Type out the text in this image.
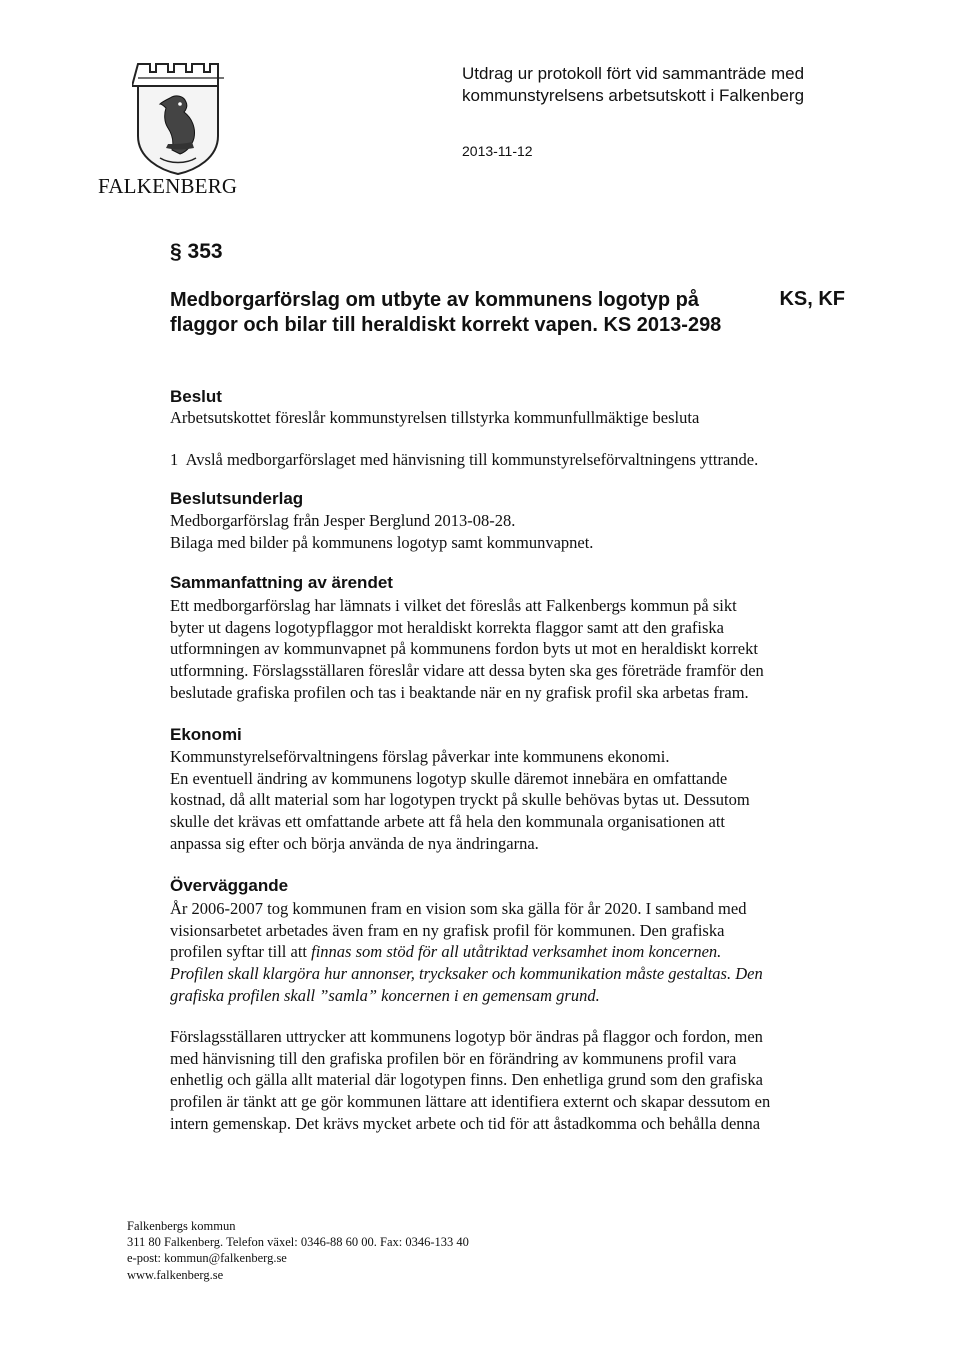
FALKENBERG
Utdrag ur protokoll fört vid sammanträde med
kommunstyrelsens arbetsutskott i Falkenberg
2013-11-12
§ 353
Medborgarförslag om utbyte av kommunens logotyp på flaggor och bilar till heraldiskt korrekt vapen. KS 2013-298
KS, KF
Beslut
Arbetsutskottet föreslår kommunstyrelsen tillstyrka kommunfullmäktige besluta
1  Avslå medborgarförslaget med hänvisning till kommunstyrelseförvaltningens yttrande.
Beslutsunderlag

Medborgarförslag från Jesper Berglund 2013-08-28.

Bilaga med bilder på kommunens logotyp samt kommunvapnet.

Sammanfattning av ärendet

Ett medborgarförslag har lämnats i vilket det föreslås att Falkenbergs kommun på sikt

byter ut dagens logotypflaggor mot heraldiskt korrekta flaggor samt att den grafiska

utformningen av kommunvapnet på kommunens fordon byts ut mot en heraldiskt korrekt

utformning. Förslagsställaren föreslår vidare att dessa byten ska ges företräde framför den

beslutade grafiska profilen och tas i beaktande när en ny grafisk profil ska arbetas fram.

Ekonomi

Kommunstyrelseförvaltningens förslag påverkar inte kommunens ekonomi.

En eventuell ändring av kommunens logotyp skulle däremot innebära en omfattande

kostnad, då allt material som har logotypen tryckt på skulle behövas bytas ut. Dessutom

skulle det krävas ett omfattande arbete att få hela den kommunala organisationen att

anpassa sig efter och börja använda de nya ändringarna.

Överväggande

År 2006-2007 tog kommunen fram en vision som ska gälla för år 2020. I samband med

visionsarbetet arbetades även fram en ny grafisk profil för kommunen. Den grafiska

profilen syftar till att finnas som stöd för all utåtriktad verksamhet inom koncernen.

Profilen skall klargöra hur annonser, trycksaker och kommunikation måste gestaltas. Den

grafiska profilen skall ”samla” koncernen i en gemensam grund.

Förslagsställaren uttrycker att kommunens logotyp bör ändras på flaggor och fordon, men

med hänvisning till den grafiska profilen bör en förändring av kommunens profil vara

enhetlig och gälla allt material där logotypen finns. Den enhetliga grund som den grafiska

profilen är tänkt att ge gör kommunen lättare att identifiera externt och skapar dessutom en

intern gemenskap. Det krävs mycket arbete och tid för att åstadkomma och behålla denna

Falkenbergs kommun
311 80 Falkenberg. Telefon växel: 0346-88 60 00. Fax: 0346-133 40
e-post: kommun@falkenberg.se
www.falkenberg.se
